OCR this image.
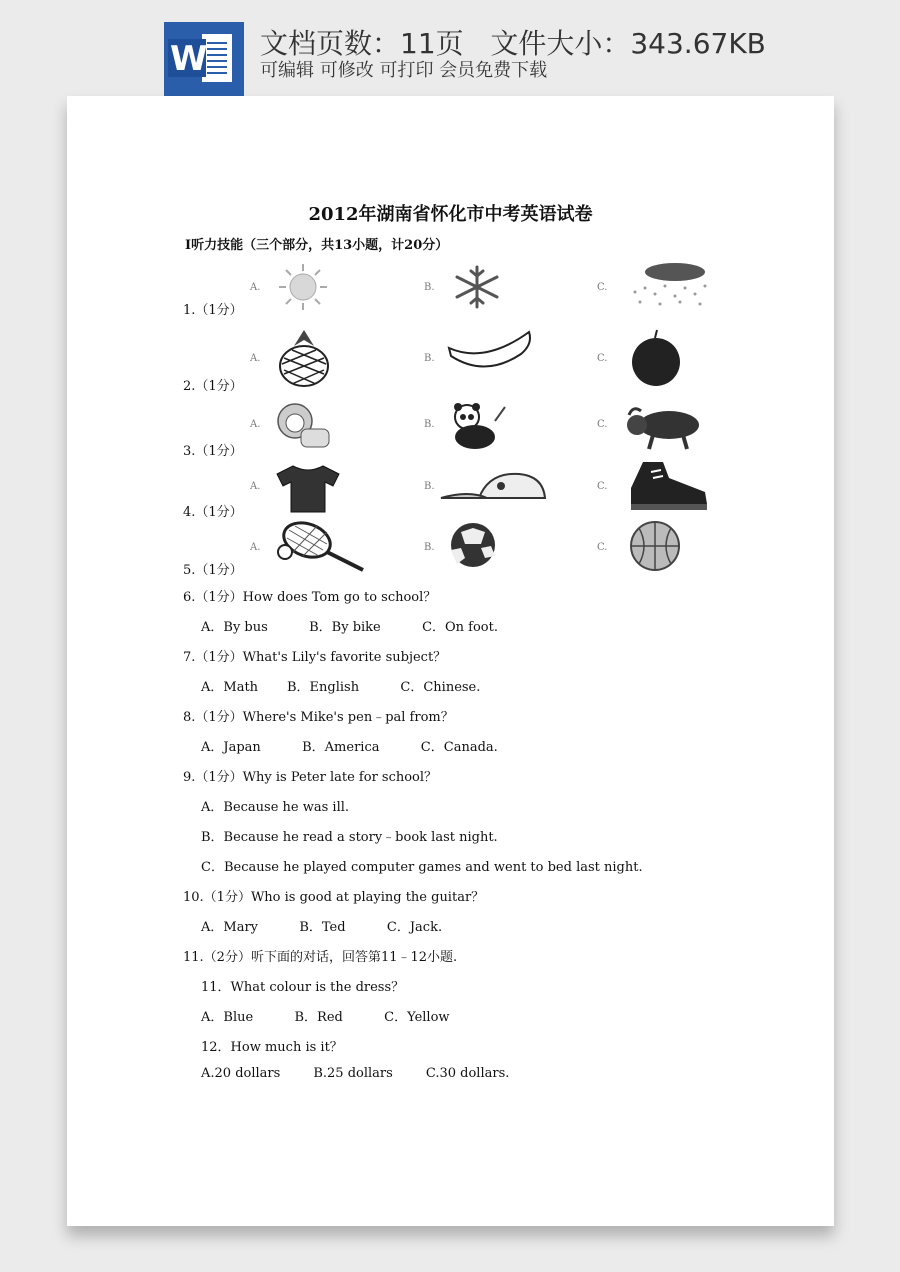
W 文档页数：11页 文件大小：343.67KB
可编辑 可修改 可打印 会员免费下载
2012年湖南省怀化市中考英语试卷
Ⅰ听力技能（三个部分，共13小题，计20分）
1.（1分）
A.	B.	C.
2.（1分）
A.	B.	C.
3.（1分）
A.	B.	C.
4.（1分）
A.	B.	C.
5.（1分）
A.	B.	C.
6.（1分）How does Tom go to school？
A．By bus          B．By bike          C．On foot.
7.（1分）What's Lily's favorite subject？
A．Math       B．English          C．Chinese.
8.（1分）Where's Mike's pen﹣pal from？
A．Japan          B．America          C．Canada.
9.（1分）Why is Peter late for school？
A．Because he was ill.
B．Because he read a story﹣book last night.
C．Because he played computer games and went to bed last night.
10.（1分）Who is good at playing the guitar？
A．Mary          B．Ted          C．Jack.
11.（2分）听下面的对话，回答第11﹣12小题.
11．What colour is the dress？
A．Blue          B．Red          C．Yellow
12．How much is it？
A.20 dollars        B.25 dollars        C.30 dollars.
